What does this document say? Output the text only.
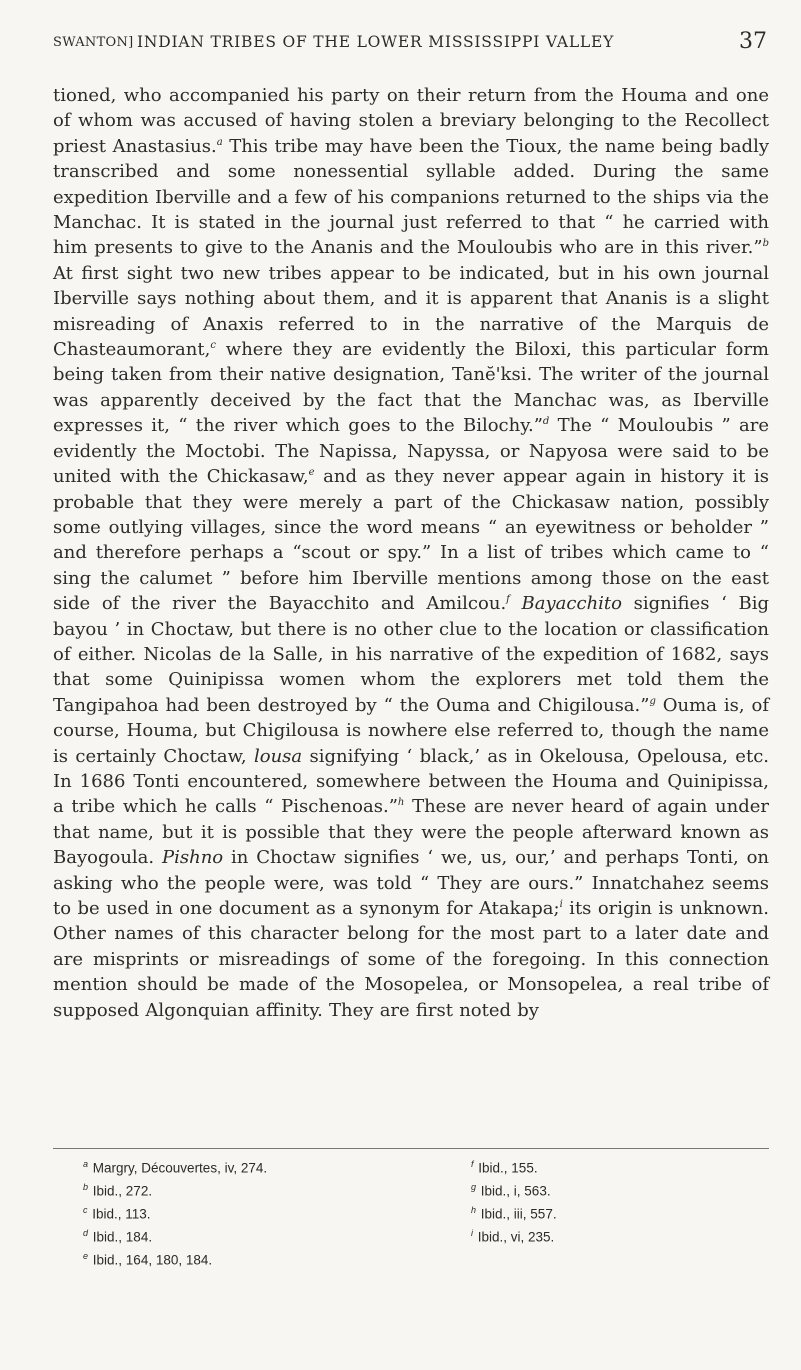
SWANTON] INDIAN TRIBES OF THE LOWER MISSISSIPPI VALLEY	37
tioned, who accompanied his party on their return from the Houma and one of whom was accused of having stolen a breviary belonging to the Recollect priest Anastasius.$^a$ This tribe may have been the Tioux, the name being badly transcribed and some nonessential syllable added. During the same expedition Iberville and a few of his companions returned to the ships via the Manchac. It is stated in the journal just referred to that “ he carried with him presents to give to the Ananis and the Mouloubis who are in this river.”$^b$ At first sight two new tribes appear to be indicated, but in his own journal Iberville says nothing about them, and it is apparent that Ananis is a slight misreading of Anaxis referred to in the narrative of the Marquis de Chasteaumorant,$^c$ where they are evidently the Biloxi, this particular form being taken from their native designation, Tanĕ'ksi. The writer of the journal was apparently deceived by the fact that the Manchac was, as Iberville expresses it, “ the river which goes to the Bilochy.”$^d$ The “ Mouloubis ” are evidently the Moctobi. The Napissa, Napyssa, or Napyosa were said to be united with the Chickasaw,$^e$ and as they never appear again in history it is probable that they were merely a part of the Chickasaw nation, possibly some outlying villages, since the word means “ an eyewitness or beholder ” and therefore perhaps a “scout or spy.” In a list of tribes which came to “ sing the calumet ” before him Iberville mentions among those on the east side of the river the Bayacchito and Amilcou.$^f$ Bayacchito signifies ‘ Big bayou ’ in Choctaw, but there is no other clue to the location or classification of either. Nicolas de la Salle, in his narrative of the expedition of 1682, says that some Quinipissa women whom the explorers met told them the Tangipahoa had been destroyed by “ the Ouma and Chigilousa.”$^g$ Ouma is, of course, Houma, but Chigilousa is nowhere else referred to, though the name is certainly Choctaw, lousa signifying ‘ black,’ as in Okelousa, Opelousa, etc. In 1686 Tonti encountered, somewhere between the Houma and Quinipissa, a tribe which he calls “ Pischenoas.”$^h$ These are never heard of again under that name, but it is possible that they were the people afterward known as Bayogoula. Pishno in Choctaw signifies ‘ we, us, our,’ and perhaps Tonti, on asking who the people were, was told “ They are ours.” Innatchahez seems to be used in one document as a synonym for Atakapa;$^i$ its origin is unknown. Other names of this character belong for the most part to a later date and are misprints or misreadings of some of the foregoing. In this connection mention should be made of the Mosopelea, or Monsopelea, a real tribe of supposed Algonquian affinity. They are first noted by
$^a$ Margry, Découvertes, iv, 274.
$^b$ Ibid., 272.
$^c$ Ibid., 113.
$^d$ Ibid., 184.
$^e$ Ibid., 164, 180, 184.
$^f$ Ibid., 155.
$^g$ Ibid., i, 563.
$^h$ Ibid., iii, 557.
$^i$ Ibid., vi, 235.
